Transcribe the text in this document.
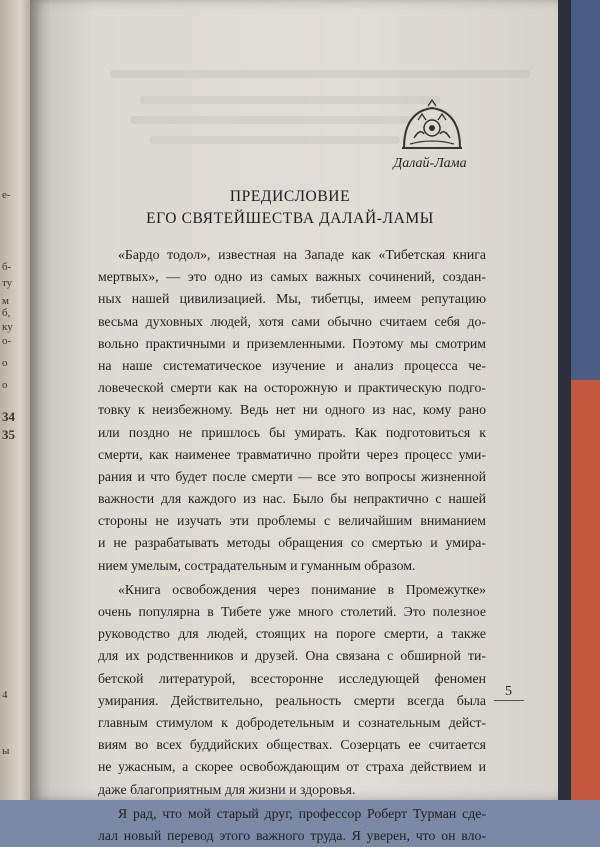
е-
б-
ту
м
б,
ку
о-
о
о
34
35
4
ы
Далай-Лама
ПРЕДИСЛОВИЕ
ЕГО СВЯТЕЙШЕСТВА ДАЛАЙ-ЛАМЫ
«Бардо тодол», известная на Западе как «Тибетская книга
мертвых», — это одно из самых важных сочинений, создан-
ных нашей цивилизацией. Мы, тибетцы, имеем репутацию
весьма духовных людей, хотя сами обычно считаем себя до-
вольно практичными и приземленными. Поэтому мы смотрим
на наше систематическое изучение и анализ процесса че-
ловеческой смерти как на осторожную и практическую подго-
товку к неизбежному. Ведь нет ни одного из нас, кому рано
или поздно не пришлось бы умирать. Как подготовиться к
смерти, как наименее травматично пройти через процесс уми-
рания и что будет после смерти — все это вопросы жизненной
важности для каждого из нас. Было бы непрактично с нашей
стороны не изучать эти проблемы с величайшим вниманием
и не разрабатывать методы обращения со смертью и умира-
нием умелым, сострадательным и гуманным образом.
«Книга освобождения через понимание в Промежутке»
очень популярна в Тибете уже много столетий. Это полезное
руководство для людей, стоящих на пороге смерти, а также
для их родственников и друзей. Она связана с обширной ти-
бетской литературой, всесторонне исследующей феномен
умирания. Действительно, реальность смерти всегда была
главным стимулом к добродетельным и сознательным дейст-
виям во всех буддийских обществах. Созерцать ее считается
не ужасным, а скорее освобождающим от страха действием и
даже благоприятным для жизни и здоровья.
Я рад, что мой старый друг, профессор Роберт Турман сде-
лал новый перевод этого важного труда. Я уверен, что он вло-
5
